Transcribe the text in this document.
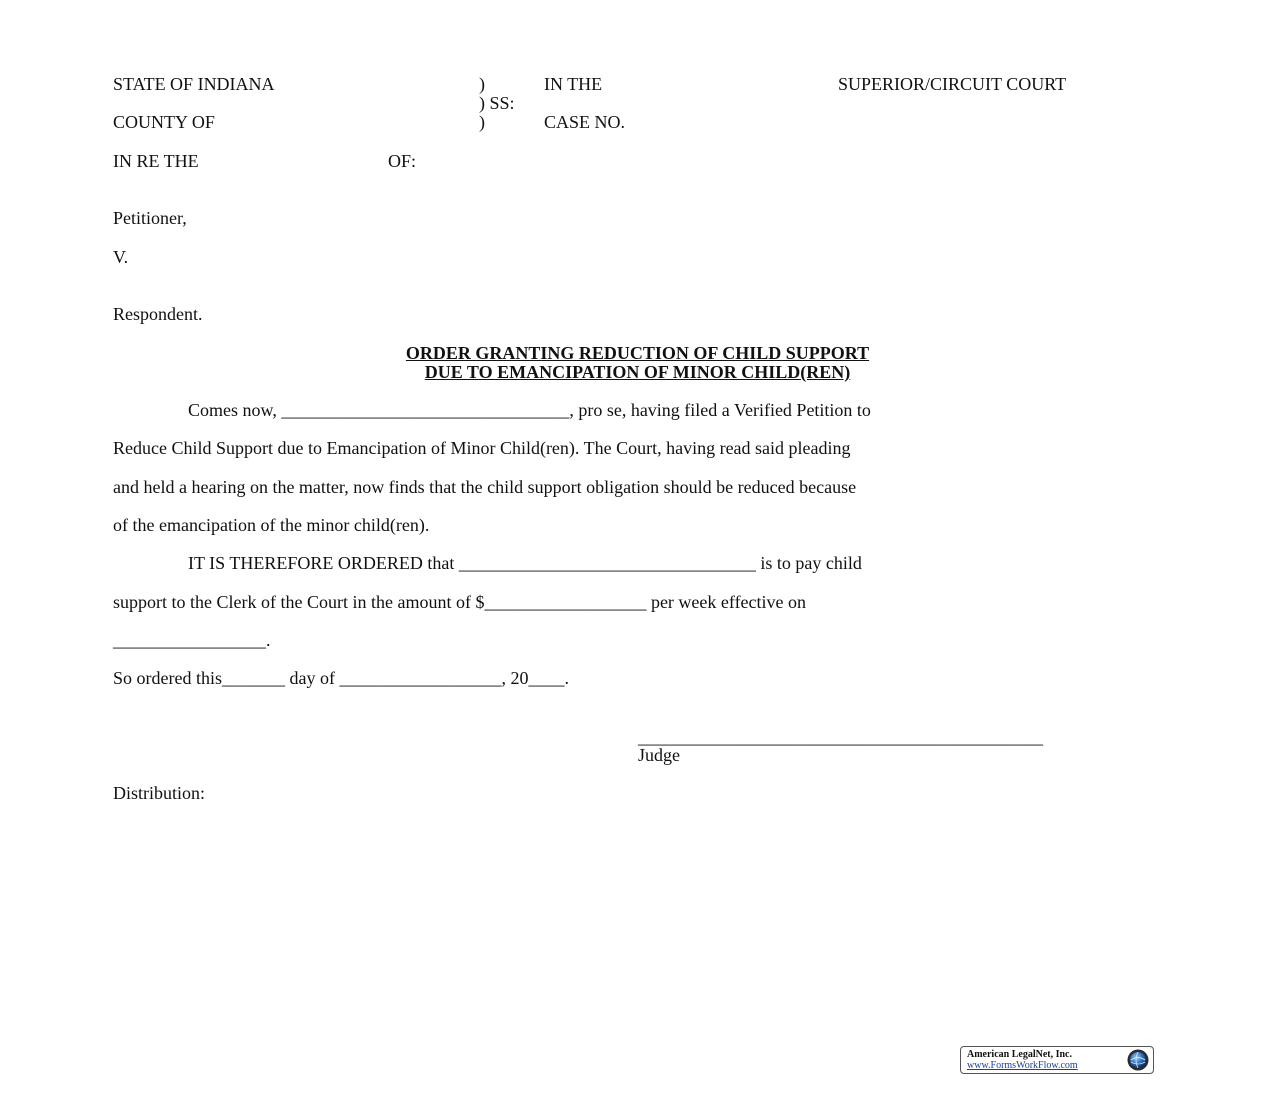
STATE OF INDIANA	)	IN THE	SUPERIOR/CIRCUIT COURT

) SS:

COUNTY OF	)	CASE NO.

IN RE THE	OF:

Petitioner,

V.

Respondent.

ORDER GRANTING REDUCTION OF CHILD SUPPORT

DUE TO EMANCIPATION OF MINOR CHILD(REN)

Comes now, ________________________________, pro se, having filed a Verified Petition to

Reduce Child Support due to Emancipation of Minor Child(ren). The Court, having read said pleading

and held a hearing on the matter, now finds that the child support obligation should be reduced because

of the emancipation of the minor child(ren).

IT IS THEREFORE ORDERED that _________________________________ is to pay child

support to the Clerk of the Court in the amount of $__________________ per week effective on

_________________.

So ordered this_______ day of __________________, 20____.

_____________________________________________

Judge

Distribution:

American LegalNet, Inc.
www.FormsWorkFlow.com
